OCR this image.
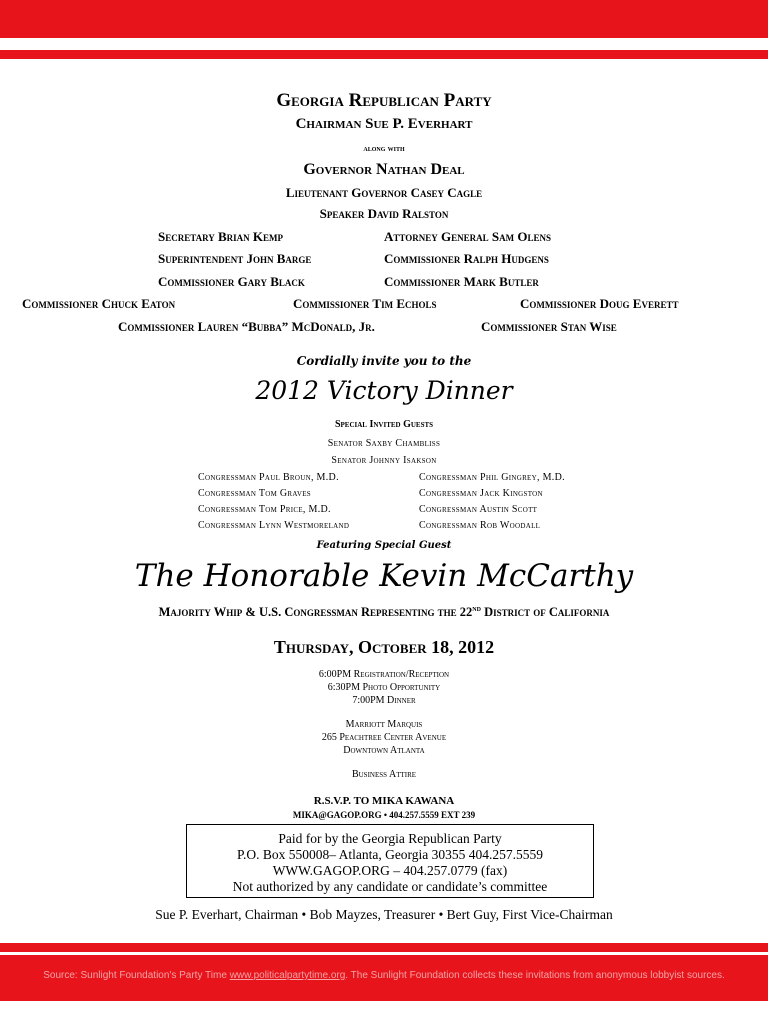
Georgia Republican Party
Chairman Sue P. Everhart
along with
Governor Nathan Deal
Lieutenant Governor Casey Cagle
Speaker David Ralston
Secretary Brian Kemp	Attorney General Sam Olens
Superintendent John Barge	Commissioner Ralph Hudgens
Commissioner Gary Black	Commissioner Mark Butler
Commissioner Chuck Eaton	Commissioner Tim Echols	Commissioner Doug Everett
Commissioner Lauren “Bubba” McDonald, Jr.	Commissioner Stan Wise
Cordially invite you to the
2012 Victory Dinner
Special Invited Guests
Senator Saxby Chambliss
Senator Johnny Isakson
Congressman Paul Broun, M.D.	Congressman Phil Gingrey, M.D.
Congressman Tom Graves	Congressman Jack Kingston
Congressman Tom Price, M.D.	Congressman Austin Scott
Congressman Lynn Westmoreland	Congressman Rob Woodall
Featuring Special Guest
The Honorable Kevin McCarthy
Majority Whip & U.S. Congressman Representing the 22nd District of California
Thursday, October 18, 2012
6:00PM Registration/Reception
6:30PM Photo Opportunity
7:00PM Dinner
Marriott Marquis
265 Peachtree Center Avenue
Downtown Atlanta
Business Attire
R.S.V.P. TO MIKA KAWANA
MIKA@GAGOP.ORG • 404.257.5559 EXT 239
Paid for by the Georgia Republican Party
P.O. Box 550008– Atlanta, Georgia 30355 404.257.5559
WWW.GAGOP.ORG – 404.257.0779 (fax)
Not authorized by any candidate or candidate’s committee
Sue P. Everhart, Chairman • Bob Mayzes, Treasurer • Bert Guy, First Vice-Chairman
Source: Sunlight Foundation's Party Time www.politicalpartytime.org. The Sunlight Foundation collects these invitations from anonymous lobbyist sources.
